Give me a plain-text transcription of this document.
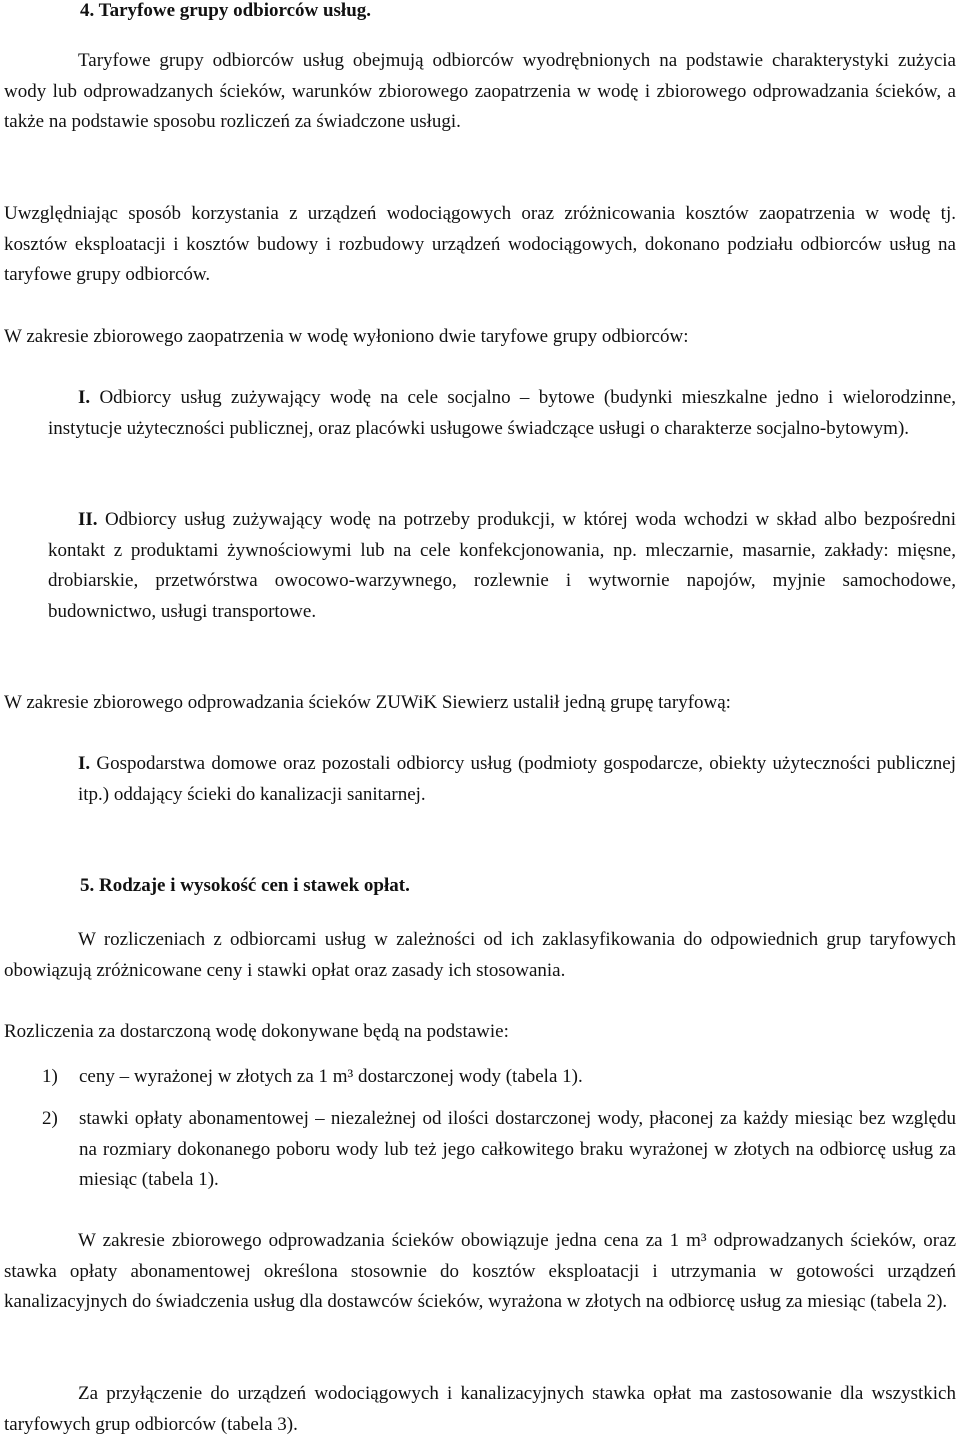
4. Taryfowe grupy odbiorców usług.
Taryfowe grupy odbiorców usług obejmują odbiorców wyodrębnionych na podstawie charakterystyki zużycia wody lub odprowadzanych ścieków, warunków zbiorowego zaopatrzenia w wodę i zbiorowego odprowadzania ścieków, a także na podstawie sposobu rozliczeń za świadczone usługi.
Uwzględniając sposób korzystania z urządzeń wodociągowych oraz zróżnicowania kosztów zaopatrzenia w wodę tj. kosztów eksploatacji i kosztów budowy i rozbudowy urządzeń wodociągowych, dokonano podziału odbiorców usług na taryfowe grupy odbiorców.
W zakresie zbiorowego zaopatrzenia w wodę wyłoniono dwie taryfowe grupy odbiorców:
I. Odbiorcy usług zużywający wodę na cele socjalno – bytowe (budynki mieszkalne jedno i wielorodzinne, instytucje użyteczności publicznej, oraz placówki usługowe świadczące usługi o charakterze socjalno-bytowym).
II. Odbiorcy usług zużywający wodę na potrzeby produkcji, w której woda wchodzi w skład albo bezpośredni kontakt z produktami żywnościowymi lub na cele konfekcjonowania, np. mleczarnie, masarnie, zakłady: mięsne, drobiarskie, przetwórstwa owocowo-warzywnego, rozlewnie i wytwornie napojów, myjnie samochodowe, budownictwo, usługi transportowe.
W zakresie zbiorowego odprowadzania ścieków ZUWiK Siewierz ustalił jedną grupę taryfową:
I. Gospodarstwa domowe oraz pozostali odbiorcy usług (podmioty gospodarcze, obiekty użyteczności publicznej itp.) oddający ścieki do kanalizacji sanitarnej.
5. Rodzaje i wysokość cen i stawek opłat.
W rozliczeniach z odbiorcami usług w zależności od ich zaklasyfikowania do odpowiednich grup taryfowych obowiązują zróżnicowane ceny i stawki opłat oraz zasady ich stosowania.
Rozliczenia za dostarczoną wodę dokonywane będą na podstawie:
1) ceny – wyrażonej w złotych za 1 m³ dostarczonej wody (tabela 1).
2) stawki opłaty abonamentowej – niezależnej od ilości dostarczonej wody, płaconej za każdy miesiąc bez względu na rozmiary dokonanego poboru wody lub też jego całkowitego braku wyrażonej w złotych na odbiorcę usług za miesiąc (tabela 1).
W zakresie zbiorowego odprowadzania ścieków obowiązuje jedna cena za 1 m³ odprowadzanych ścieków, oraz stawka opłaty abonamentowej określona stosownie do kosztów eksploatacji i utrzymania w gotowości urządzeń kanalizacyjnych do świadczenia usług dla dostawców ścieków, wyrażona w złotych na odbiorcę usług za miesiąc (tabela 2).
Za przyłączenie do urządzeń wodociągowych i kanalizacyjnych stawka opłat ma zastosowanie dla wszystkich taryfowych grup odbiorców (tabela 3).
